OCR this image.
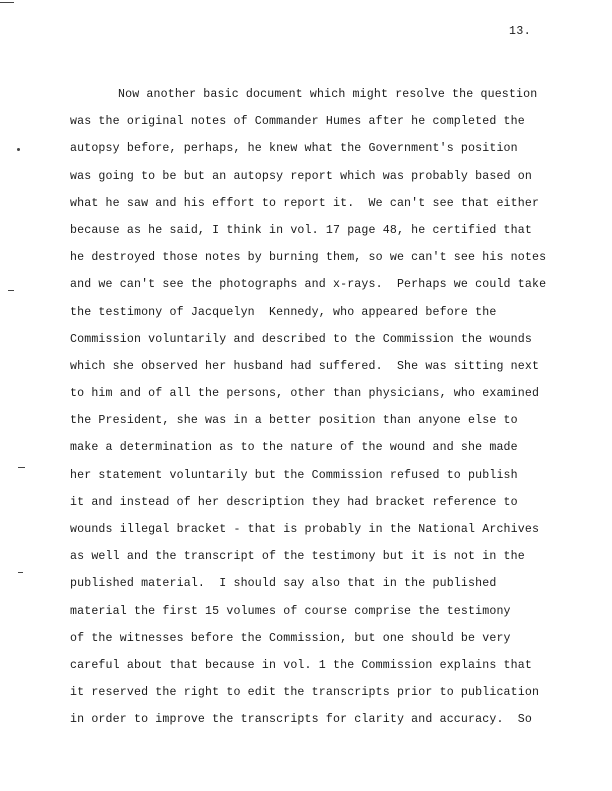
13.
Now another basic document which might resolve the question
was the original notes of Commander Humes after he completed the
autopsy before, perhaps, he knew what the Government's position
was going to be but an autopsy report which was probably based on
what he saw and his effort to report it.  We can't see that either
because as he said, I think in vol. 17 page 48, he certified that
he destroyed those notes by burning them, so we can't see his notes
and we can't see the photographs and x-rays.  Perhaps we could take
the testimony of Jacquelyn  Kennedy, who appeared before the
Commission voluntarily and described to the Commission the wounds
which she observed her husband had suffered.  She was sitting next
to him and of all the persons, other than physicians, who examined
the President, she was in a better position than anyone else to
make a determination as to the nature of the wound and she made
her statement voluntarily but the Commission refused to publish
it and instead of her description they had bracket reference to
wounds illegal bracket - that is probably in the National Archives
as well and the transcript of the testimony but it is not in the
published material.  I should say also that in the published
material the first 15 volumes of course comprise the testimony
of the witnesses before the Commission, but one should be very
careful about that because in vol. 1 the Commission explains that
it reserved the right to edit the transcripts prior to publication
in order to improve the transcripts for clarity and accuracy.  So
